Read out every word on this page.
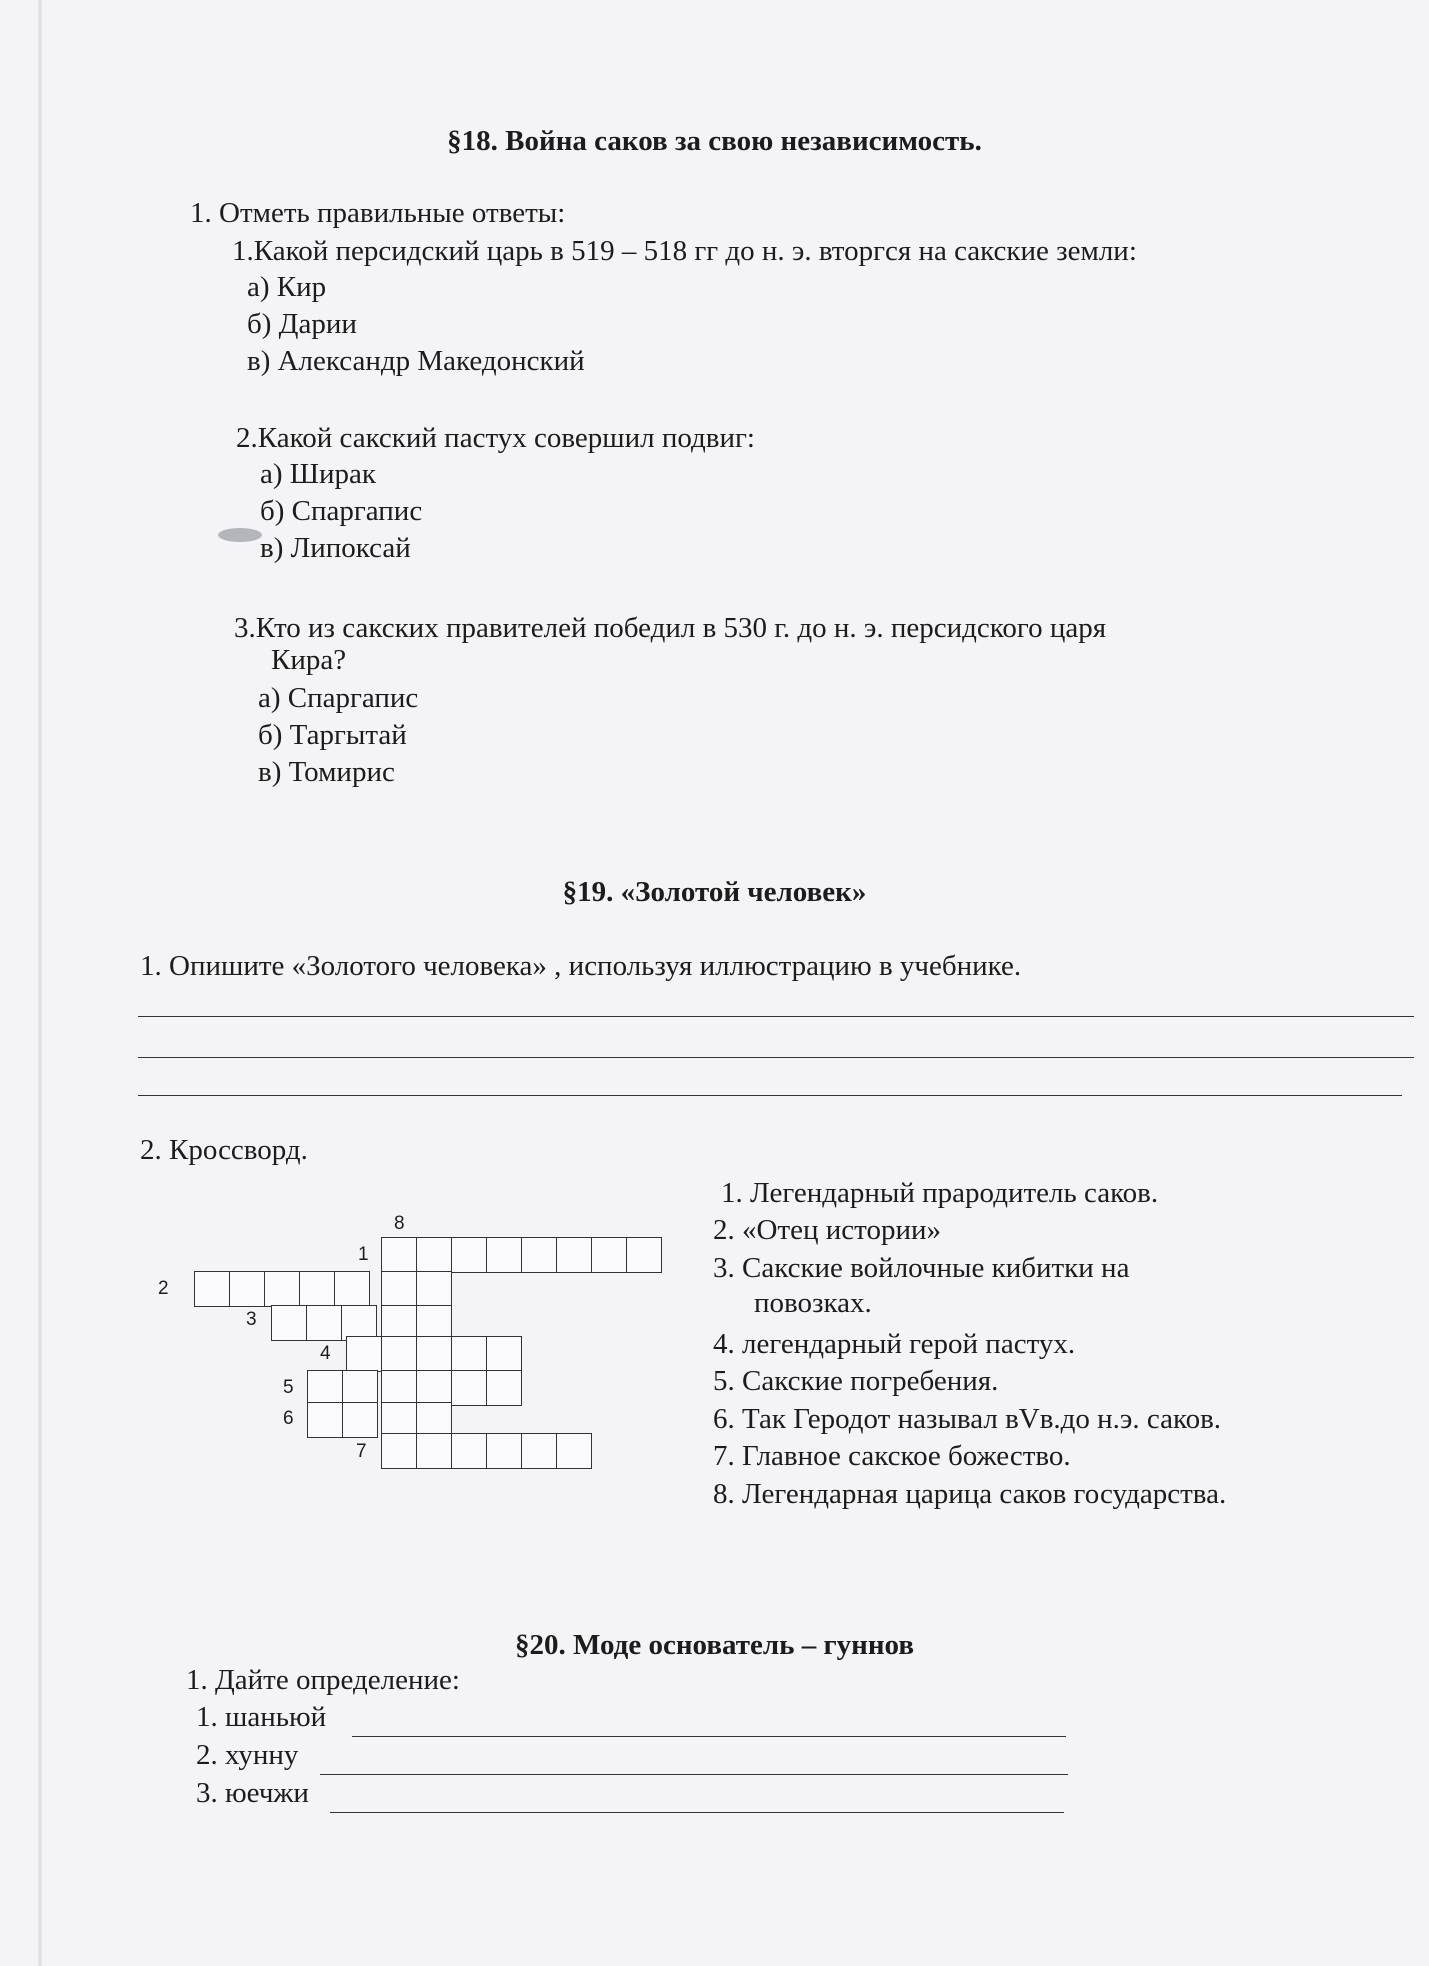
§18. Война саков за свою независимость.
1. Отметь правильные ответы:
1.Какой персидский царь в 519 – 518 гг до н. э. вторгся на сакские земли:
а) Кир
б) Дарии
в) Александр Македонский
2.Какой сакский пастух совершил подвиг:
а) Ширак
б) Спаргапис
в) Липоксай
3.Кто из сакских правителей победил в 530 г. до н. э. персидского царя
Кира?
а) Спаргапис
б) Таргытай
в) Томирис
§19. «Золотой человек»
1. Опишите «Золотого человека» , используя иллюстрацию в учебнике.
2. Кроссворд.
8
1
2
3
4
5
6
7
1. Легендарный прародитель саков.
2. «Отец истории»
3. Сакские войлочные кибитки на
повозках.
4. легендарный герой пастух.
5. Сакские погребения.
6. Так Геродот называл вVв.до н.э. саков.
7. Главное сакское божество.
8. Легендарная царица саков государства.
§20. Моде основатель – гуннов
1. Дайте определение:
1. шаньюй
2. хунну
3. юечжи
